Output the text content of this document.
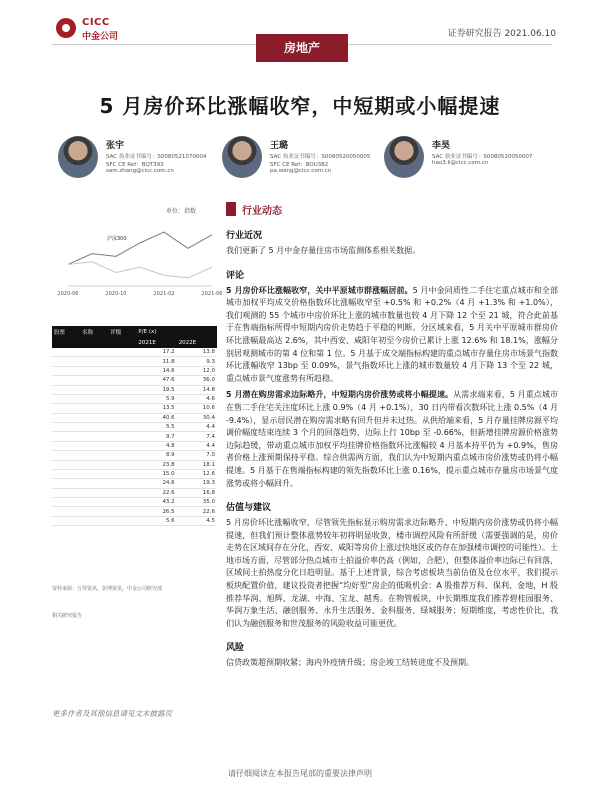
CICC
中金公司
房地产
证券研究报告 2021.06.10
5 月房价环比涨幅收窄，中短期或小幅提速
张宇
SAC 执业证书编号：S0080521070004
SFC CE Ref：BQT393
sam.zhang@cicc.com.cn
王璐
SAC 执业证书编号：S0080520050005
SFC CE Ref：BOU382
pa.wang@cicc.com.cn
李昊
SAC 执业证书编号：S0080520050007
hao3.li@cicc.com.cn
单位：指数
2020-06	2020-10	2021-02	2021-06
沪深300
股票	名称	评级	P/E (x)	
			2021E	2022E
			17.2	13.8
			11.8	9.3
			14.6	12.0
			47.6	36.0
			19.5	14.8
			5.9	4.6
			13.5	10.6
			40.6	30.4
			5.5	4.4
			9.7	7.4
			4.8	4.4
			8.9	7.0
			23.8	18.1
			15.0	12.6
			24.6	19.3
			22.6	16.8
			43.2	35.0
			26.5	22.6
			5.6	4.5
资料来源：万得资讯，彭博资讯，中金公司研究部
相关研究报告
更多作者及其他信息请见文末披露页
行业动态
行业近况
我们更新了 5 月中金存量住房市场监测体系相关数据。
评论
5 月房价环比涨幅收窄，关中平原城市群涨幅居前。5 月中金同质性二手住宅重点城市和全部城市加权平均成交价格指数环比涨幅收窄至 +0.5% 和 +0.2%（4 月 +1.3% 和 +1.0%），我们观测的 55 个城市中房价环比上涨的城市数量也较 4 月下降 12 个至 21 城，符合此前基于在售端指标所得中短期内房价走势趋于平稳的判断。分区域来看，5 月关中平原城市群房价环比涨幅最高达 2.6%，其中西安、咸阳年初至今房价已累计上涨 12.6% 和 18.1%，涨幅分别居观测城市的第 4 位和第 1 位。5 月基于成交端指标构建的重点城市存量住房市场景气指数环比涨幅收窄 13bp 至 0.09%，景气指数环比上涨的城市数量较 4 月下降 13 个至 22 城，重点城市景气度涨势有所趋稳。
5 月潜在购房需求边际略升，中短期内房价涨势或将小幅提速。从需求端来看，5 月重点城市在售二手住宅关注度环比上涨 0.9%（4 月 +0.1%），30 日内带看次数环比上涨 0.5%（4 月 -9.4%），显示居民潜在购房需求略有回升但并未过热。从供给端来看，5 月存量挂牌房源平均调价幅度结束连续 3 个月的回落趋势，边际上行 10bp 至 -0.66%，但新增挂牌房源价格涨势边际趋缓，带动重点城市加权平均挂牌价格指数环比涨幅较 4 月基本持平仍为 +0.9%，售房者价格上涨预期保持平稳。综合供需两方面，我们认为中短期内重点城市房价涨势或仍将小幅提速。5 月基于在售端指标构建的领先指数环比上涨 0.16%，提示重点城市存量房市场景气度涨势或将小幅回升。
估值与建议
5 月房价环比涨幅收窄，尽管领先指标显示购房需求边际略升、中短期内房价涨势或仍将小幅提速，但我们预计整体涨势较年初将明显收敛，楼市调控风险有所舒缓（需要强调的是，房价走势在区域间存在分化，西安、咸阳等房价上涨过快地区或仍存在加强楼市调控的可能性）。土地市场方面，尽管部分热点城市土拍溢价率仍高（例如，合肥），但整体溢价率边际已有回落，区域间土拍热度分化日趋明显。基于上述背景，综合考虑板块当前估值及仓位水平，我们提示板块配置价值，建议投资者把握“均好型”房企的低吸机会：A 股推荐万科、保利、金地，H 股推荐华润、旭辉、龙湖、中海、宝龙、越秀。在物管板块，中长期维度我们推荐碧桂园服务、华润万象生活、融创服务、永升生活服务、金科服务、绿城服务；短期维度，考虑性价比，我们认为融创服务和世茂服务的风险收益可能更优。
风险
信贷政策超预期收紧；海内外疫情升级；房企竣工结转进度不及预期。
请仔细阅读在本报告尾部的重要法律声明
